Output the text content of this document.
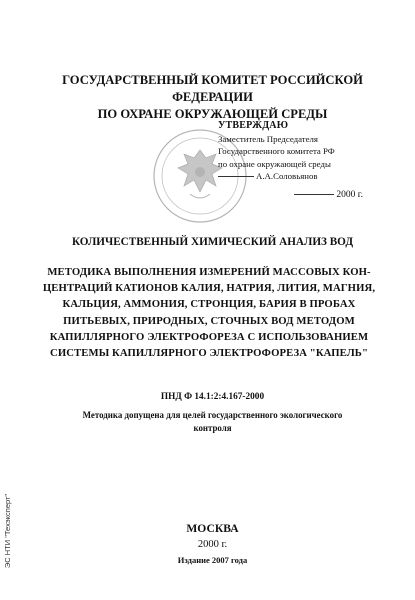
ГОСУДАРСТВЕННЫЙ КОМИТЕТ РОССИЙСКОЙ ФЕДЕРАЦИИ
ПО ОХРАНЕ ОКРУЖАЮЩЕЙ СРЕДЫ
УТВЕРЖДАЮ
Заместитель Председателя
Государственного комитета РФ
по охране окружающей среды
А.А.Соловьянов
2000 г.
КОЛИЧЕСТВЕННЫЙ ХИМИЧЕСКИЙ АНАЛИЗ ВОД
МЕТОДИКА ВЫПОЛНЕНИЯ ИЗМЕРЕНИЙ МАССОВЫХ КОН-
ЦЕНТРАЦИЙ КАТИОНОВ КАЛИЯ, НАТРИЯ, ЛИТИЯ, МАГНИЯ,
КАЛЬЦИЯ, АММОНИЯ, СТРОНЦИЯ, БАРИЯ В ПРОБАХ
ПИТЬЕВЫХ, ПРИРОДНЫХ, СТОЧНЫХ ВОД МЕТОДОМ
КАПИЛЛЯРНОГО ЭЛЕКТРОФОРЕЗА С ИСПОЛЬЗОВАНИЕМ
СИСТЕМЫ КАПИЛЛЯРНОГО ЭЛЕКТРОФОРЕЗА "КАПЕЛЬ"
ПНД Ф 14.1:2:4.167-2000
Методика допущена для целей государственного экологического
контроля
МОСКВА
2000 г.
Издание 2007 года
ЭС НТИ "Техэксперт"
